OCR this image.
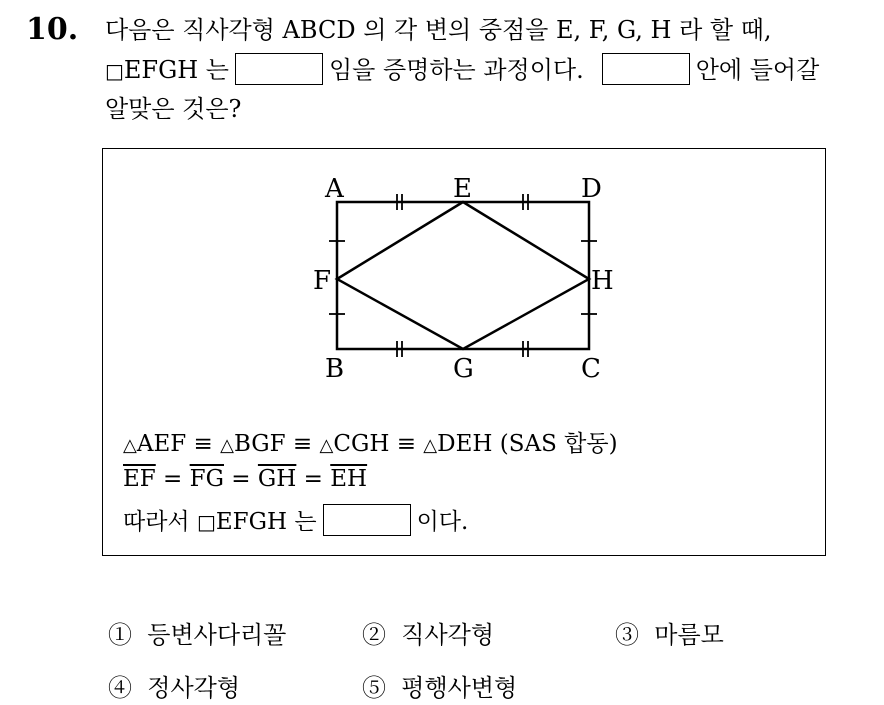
10. 다음은 직사각형 ABCD 의 각 변의 중점을 E, F, G, H 라 할 때,
□EFGH 는	임을 증명하는 과정이다.	안에 들어갈
알맞은 것은?
A	E	D
F	H
B	G	C
△AEF ≡ △BGF ≡ △CGH ≡ △DEH (SAS 합동)
$\overline{EF} = \overline{FG} = \overline{GH} = \overline{EH}$
따라서 □EFGH 는	이다.
① 등변사다리꼴	② 직사각형	③ 마름모
④ 정사각형	⑤ 평행사변형
